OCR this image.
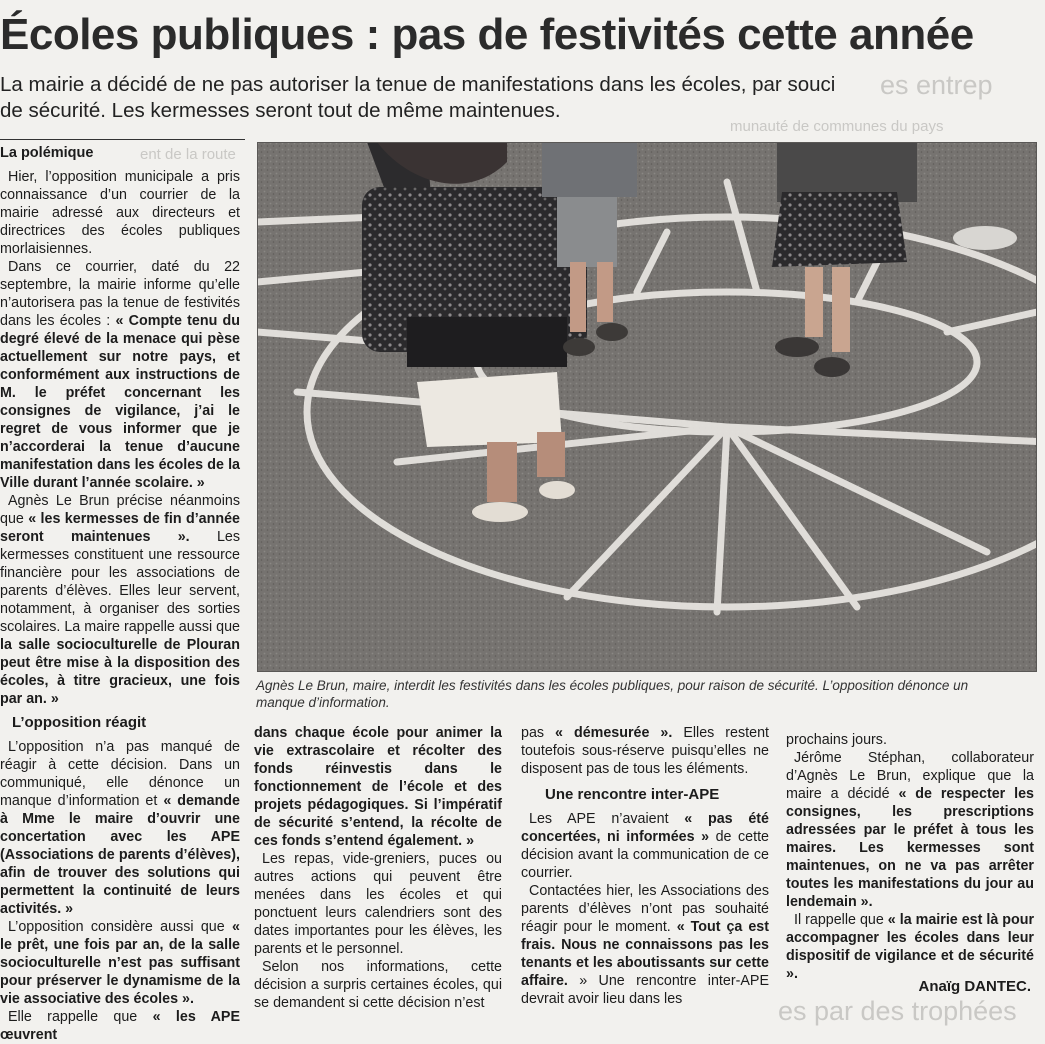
es entrep
munauté de communes du pays
ent de la route
es par des trophées
Écoles publiques : pas de festivités cette année
La mairie a décidé de ne pas autoriser la tenue de manifestations dans les écoles, par souci
de sécurité. Les kermesses seront tout de même maintenues.
La polémique

Hier, l’opposition municipale a pris connaissance d’un courrier de la mairie adressé aux directeurs et directrices des écoles publiques morlaisiennes.

Dans ce courrier, daté du 22 septembre, la mairie informe qu’elle n’autorisera pas la tenue de festivités dans les écoles : « Compte tenu du degré élevé de la menace qui pèse actuellement sur notre pays, et conformément aux instructions de M. le préfet concernant les consignes de vigilance, j’ai le regret de vous informer que je n’accorderai la tenue d’aucune manifestation dans les écoles de la Ville durant l’année scolaire. »

Agnès Le Brun précise néanmoins que « les kermesses de fin d’année seront maintenues ». Les kermesses constituent une ressource financière pour les associations de parents d’élèves. Elles leur servent, notamment, à organiser des sorties scolaires. La maire rappelle aussi que la salle socioculturelle de Plouran peut être mise à la disposition des écoles, à titre gracieux, une fois par an. »

L’opposition réagit

L’opposition n’a pas manqué de réagir à cette décision. Dans un communiqué, elle dénonce un manque d’information et « demande à Mme le maire d’ouvrir une concertation avec les APE (Associations de parents d’élèves), afin de trouver des solutions qui permettent la continuité de leurs activités. »

L’opposition considère aussi que « le prêt, une fois par an, de la salle socioculturelle n’est pas suffisant pour préserver le dynamisme de la vie associative des écoles ».

Elle rappelle que « les APE œuvrent

Agnès Le Brun, maire, interdit les festivités dans les écoles publiques, pour raison de sécurité. L’opposition dénonce un manque d’information.

dans chaque école pour animer la vie extrascolaire et récolter des fonds réinvestis dans le fonctionnement de l’école et des projets pédagogiques. Si l’impératif de sécurité s’entend, la récolte de ces fonds s’entend également. »

Les repas, vide-greniers, puces ou autres actions qui peuvent être menées dans les écoles et qui ponctuent leurs calendriers sont des dates importantes pour les élèves, les parents et le personnel.

Selon nos informations, cette décision a surpris certaines écoles, qui se demandent si cette décision n’est

pas « démesurée ». Elles restent toutefois sous-réserve puisqu’elles ne disposent pas de tous les éléments.

Une rencontre inter-APE

Les APE n’avaient « pas été concertées, ni informées » de cette décision avant la communication de ce courrier.

Contactées hier, les Associations des parents d’élèves n’ont pas souhaité réagir pour le moment. « Tout ça est frais. Nous ne connaissons pas les tenants et les aboutissants sur cette affaire. » Une rencontre inter-APE devrait avoir lieu dans les

prochains jours.

Jérôme Stéphan, collaborateur d’Agnès Le Brun, explique que la maire a décidé « de respecter les consignes, les prescriptions adressées par le préfet à tous les maires. Les kermesses sont maintenues, on ne va pas arrêter toutes les manifestations du jour au lendemain ».

Il rappelle que « la mairie est là pour accompagner les écoles dans leur dispositif de vigilance et de sécurité ».

Anaïg DANTEC.
